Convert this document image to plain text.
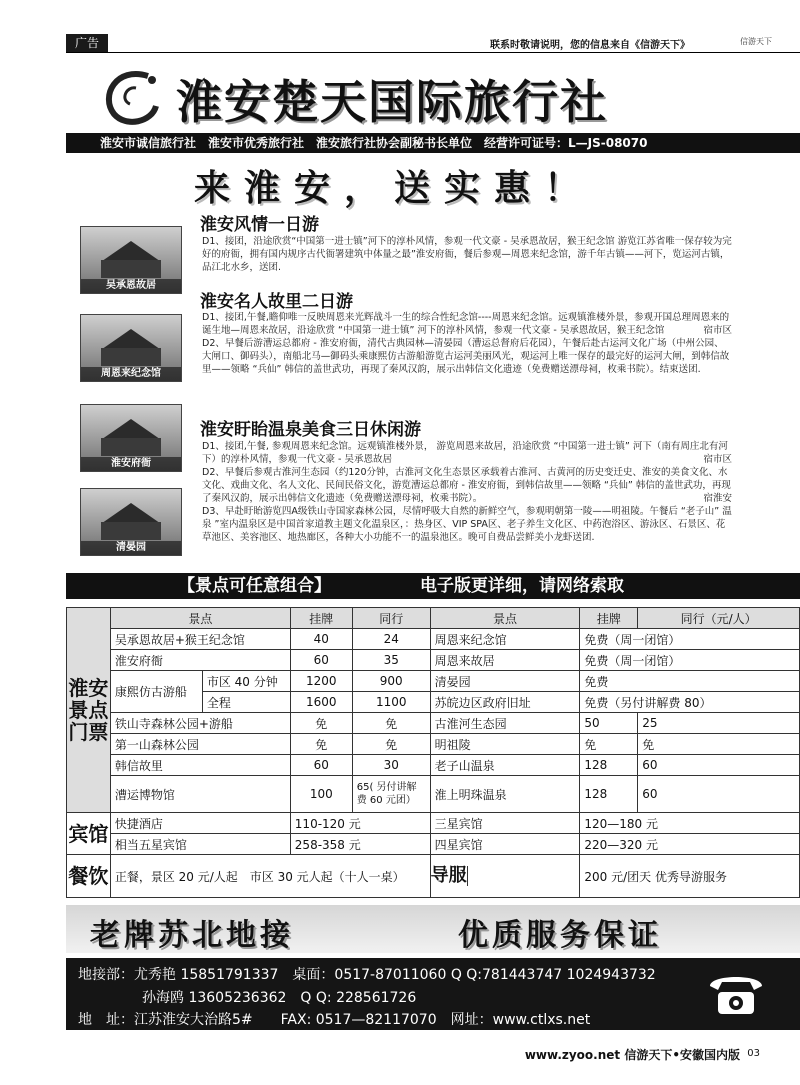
广告	联系时敬请说明，您的信息来自《信游天下》	信游天下
淮安楚天国际旅行社
淮安市诚信旅行社　淮安市优秀旅行社　淮安旅行社协会副秘书长单位　经营许可证号：L—JS-08070
来淮安，送实惠！
吴承恩故居
周恩来纪念馆
淮安府衙
清晏园
淮安风情一日游

D1、接团，沿途欣赏“中国第一进士镇”河下的淳朴风情，参观一代文豪 - 吴承恩故居，猴王纪念馆 游览江苏省唯一保存较为完好的府衙，拥有国内规序古代衙署建筑中体量之最”淮安府衙，餐后参观—周恩来纪念馆，游千年古镇——河下，览运河古镇，品江北水乡，送团.

淮安名人故里二日游

D1、接团,午餐,瞻仰唯一反映周恩来光辉战斗一生的综合性纪念馆----周恩来纪念馆。远观镇淮楼外景，参观开国总理周恩来的诞生地—周恩来故居，沿途欣赏 “中国第一进士镇” 河下的淳朴风情，参观一代文豪 - 吴承恩故居，猴王纪念馆	宿市区

D2、早餐后游漕运总都府 - 淮安府衙，清代古典园林—清晏园（漕运总督府后花园），午餐后赴古运河文化广场（中州公园、大闸口、御码头），南船北马—御码头乘康熙仿古游船游览古运河美丽风光，观运河上唯一保存的最完好的运河大闸，到韩信故里——领略 “兵仙” 韩信的盖世武功，再现了秦风汉韵，展示出韩信文化遗迹（免费赠送漂母祠，枚乘书院）。结束送团.

淮安盱眙温泉美食三日休闲游

D1、接团,午餐, 参观周恩来纪念馆。远观镇淮楼外景， 游览周恩来故居，沿途欣赏 “中国第一进士镇” 河下（南有周庄北有河下）的淳朴风情，参观一代文豪 - 吴承恩故居	宿市区

D2、早餐后参观古淮河生态园（约120分钟，古淮河文化生态景区承载着古淮河、古黄河的历史变迁史、淮安的美食文化、水文化、戏曲文化、名人文化、民间民俗文化，游览漕运总都府 - 淮安府衙，到韩信故里——领略 “兵仙” 韩信的盖世武功，再现了秦风汉韵，展示出韩信文化遗迹（免费赠送漂母祠，枚乘书院）。	宿淮安

D3、早赴盱眙游览四A级铁山寺国家森林公园，尽情呼吸大自然的新鲜空气，参观明朝第一陵——明祖陵。午餐后 “老子山” 温泉 ”室内温泉区是中国首家道教主题文化温泉区，：热身区、VIP SPA区、老子养生文化区、中药泡浴区、游泳区、石景区、花草池区、美容池区、地热廊区，各种大小功能不一的温泉池区。晚可自费品尝鲜美小龙虾送团.

【景点可任意组合】	电子版更详细，请网络索取
淮安景点门票	景点		挂牌	同行	景点	挂牌	同行（元/人）
	吴承恩故居+猴王纪念馆		40	24	周恩来纪念馆	免费（周一闭馆）	
	淮安府衙		60	35	周恩来故居	免费（周一闭馆）	
	康熙仿古游船	市区 40 分钟	1200	900	清晏园	免费	
		全程	1600	1100	苏皖边区政府旧址	免费（另付讲解费 80）	
	铁山寺森林公园+游船		免	免	古淮河生态园	50	25
	第一山森林公园		免	免	明祖陵	免	免
	韩信故里		60	30	老子山温泉	128	60
	漕运博物馆		100	65( 另付讲解费 60 元团）	淮上明珠温泉	128	60
宾馆	快捷酒店		110-120 元		三星宾馆	120—180 元	
	相当五星宾馆		258-358 元		四星宾馆	220—320 元	
餐饮	正餐，景区 20 元/人起　市区 30 元人起（十人一桌）				导服	200 元/团天 优秀导游服务	
老牌苏北地接	优质服务保证
地接部：尤秀艳 15851791337　桌面：0517-87011060 Q Q:781443747 1024943732
孙海鸥 13605236362　Q Q: 228561726
地　址：江苏淮安大治路5#　　FAX: 0517—82117070　网址：www.ctlxs.net
www.zyoo.net 信游天下•安徽国内版 03
